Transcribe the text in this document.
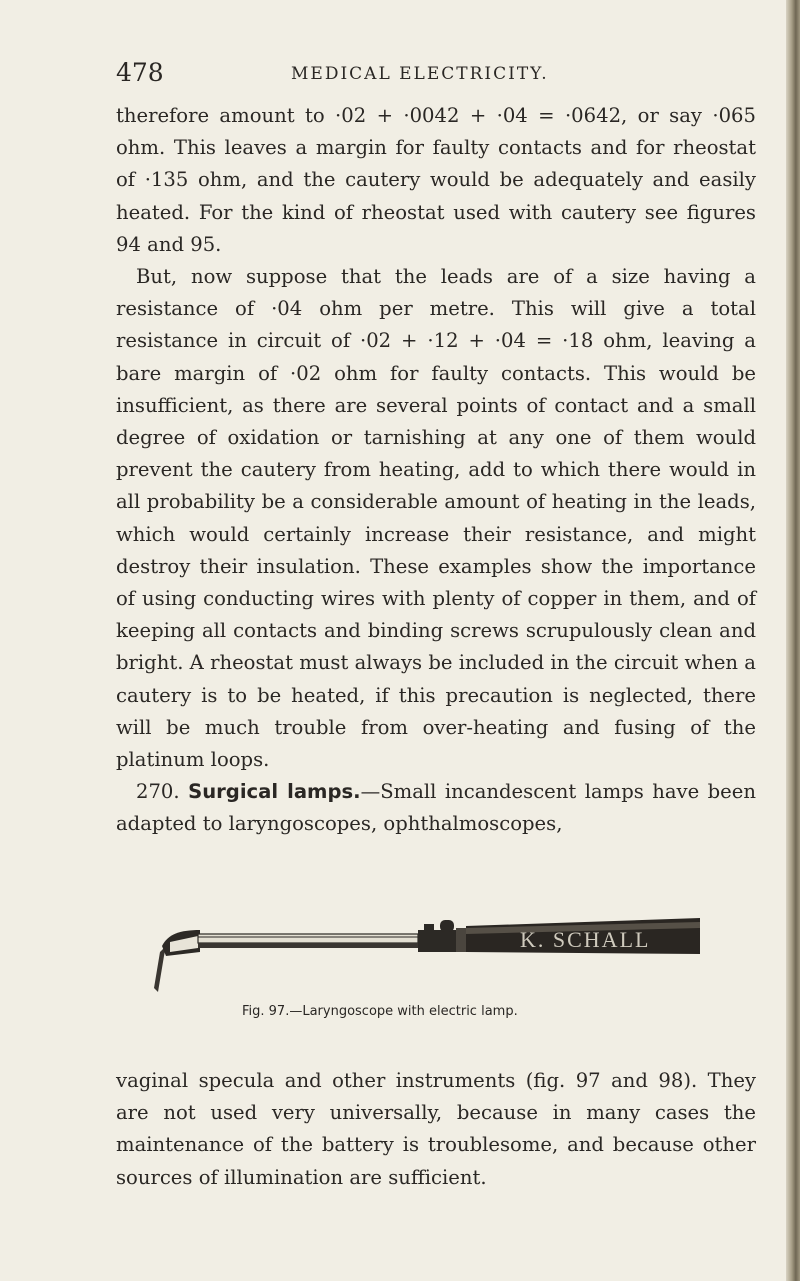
478	MEDICAL ELECTRICITY.

therefore amount to ·02 + ·0042 + ·04 = ·0642, or say ·065 ohm. This leaves a margin for faulty contacts and for rheostat of ·135 ohm, and the cautery would be adequately and easily heated. For the kind of rheostat used with cautery see figures 94 and 95.

But, now suppose that the leads are of a size having a resistance of ·04 ohm per metre. This will give a total resistance in circuit of ·02 + ·12 + ·04 = ·18 ohm, leaving a bare margin of ·02 ohm for faulty contacts. This would be insufficient, as there are several points of contact and a small degree of oxidation or tarnishing at any one of them would prevent the cautery from heating, add to which there would in all probability be a considerable amount of heating in the leads, which would certainly increase their resistance, and might destroy their insulation. These examples show the importance of using conducting wires with plenty of copper in them, and of keeping all contacts and binding screws scrupulously clean and bright. A rheostat must always be included in the circuit when a cautery is to be heated, if this precaution is neglected, there will be much trouble from over-heating and fusing of the platinum loops.

270. Surgical lamps.—Small incandescent lamps have been adapted to laryngoscopes, ophthalmoscopes,

K. SCHALL
Fig. 97.—Laryngoscope with electric lamp.

vaginal specula and other instruments (fig. 97 and 98). They are not used very universally, because in many cases the maintenance of the battery is troublesome, and because other sources of illumination are sufficient.
